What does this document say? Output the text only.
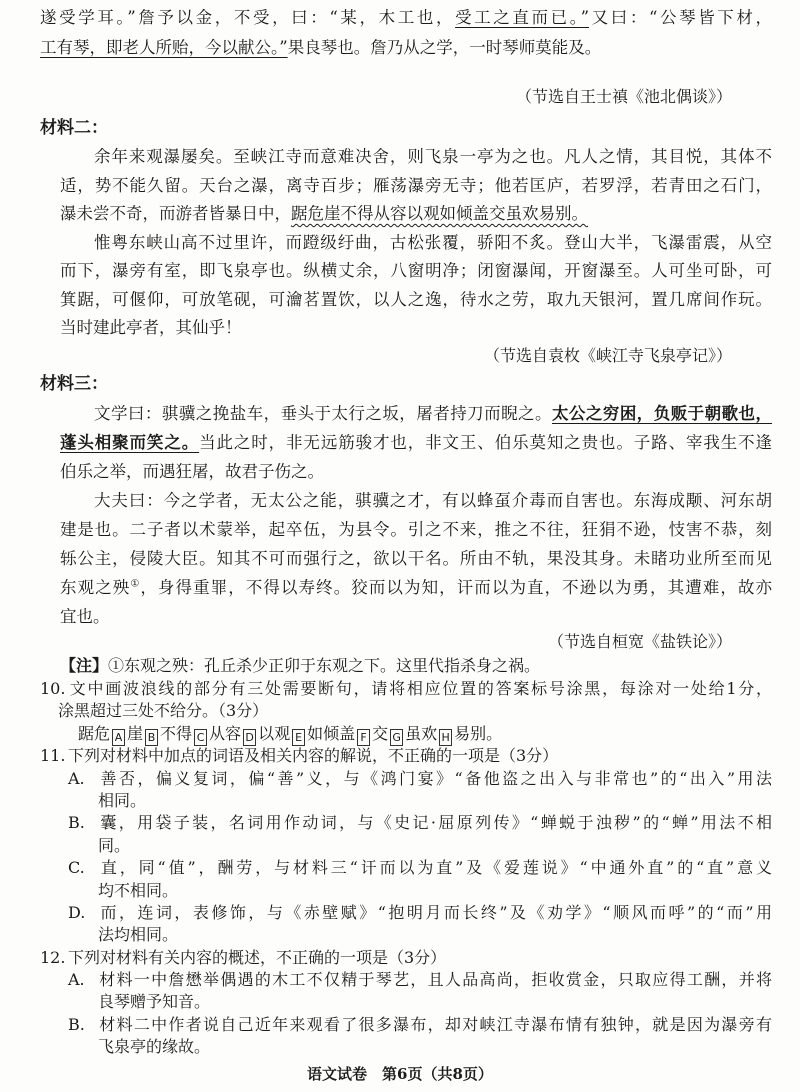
遂受学耳。”詹予以金，不受，曰：“某，木工也，受工之直而已。”又曰：“公琴皆下材，
工有琴，即老人所贻，今以献公。”果良琴也。詹乃从之学，一时琴师莫能及。
（节选自王士禛《池北偶谈》）
材料二：
余年来观瀑屡矣。至峡江寺而意难决舍，则飞泉一亭为之也。凡人之情，其目悦，其体不
适，势不能久留。天台之瀑，离寺百步；雁荡瀑旁无寺；他若匡庐，若罗浮，若青田之石门，
瀑未尝不奇，而游者皆暴日中，踞危崖不得从容以观如倾盖交虽欢易别。
惟粤东峡山高不过里许，而蹬级纡曲，古松张覆，骄阳不炙。登山大半，飞瀑雷震，从空
而下，瀑旁有室，即飞泉亭也。纵横丈余，八窗明净；闭窗瀑闻，开窗瀑至。人可坐可卧，可
箕踞，可偃仰，可放笔砚，可瀹茗置饮，以人之逸，待水之劳，取九天银河，置几席间作玩。
当时建此亭者，其仙乎！
（节选自袁枚《峡江寺飞泉亭记》）
材料三：
文学曰：骐骥之挽盐车，垂头于太行之坂，屠者持刀而睨之。太公之穷困，负贩于朝歌也，
蓬头相聚而笑之。当此之时，非无远筋骏才也，非文王、伯乐莫知之贵也。子路、宰我生不逢
伯乐之举，而遇狂屠，故君子伤之。
大夫曰：今之学者，无太公之能，骐骥之才，有以蜂虿介毒而自害也。东海成颙、河东胡
建是也。二子者以术蒙举，起卒伍，为县令。引之不来，推之不往，狂狷不逊，忮害不恭，刻
轹公主，侵陵大臣。知其不可而强行之，欲以干名。所由不轨，果没其身。未睹功业所至而见
东观之殃①，身得重罪，不得以寿终。狡而以为知，讦而以为直，不逊以为勇，其遭难，故亦
宜也。
（节选自桓宽《盐铁论》）
【注】①东观之殃：孔丘杀少正卯于东观之下。这里代指杀身之祸。
10. 文中画波浪线的部分有三处需要断句，请将相应位置的答案标号涂黑，每涂对一处给1分，
涂黑超过三处不给分。（3分）
踞危 A 崖 B 不得 C 从容 D 以观 E 如倾盖 F 交 G 虽欢 H 易别。
11. 下列对材料中加点的词语及相关内容的解说，不正确的一项是（3分）
A. 善否，偏义复词，偏“善”义，与《鸿门宴》“备他盗之出入与非常也”的“出入”用法
相同。
B. 囊，用袋子装，名词用作动词，与《史记·屈原列传》“蝉蜕于浊秽”的“蝉”用法不相
同。
C. 直，同“值”，酬劳，与材料三“讦而以为直”及《爱莲说》“中通外直”的“直”意义
均不相同。
D. 而，连词，表修饰，与《赤壁赋》“抱明月而长终”及《劝学》“顺风而呼”的“而”用
法均相同。
12. 下列对材料有关内容的概述，不正确的一项是（3分）
A. 材料一中詹懋举偶遇的木工不仅精于琴艺，且人品高尚，拒收赏金，只取应得工酬，并将
良琴赠予知音。
B. 材料二中作者说自己近年来观看了很多瀑布，却对峡江寺瀑布情有独钟，就是因为瀑旁有
飞泉亭的缘故。
语文试卷　第6页（共8页）
